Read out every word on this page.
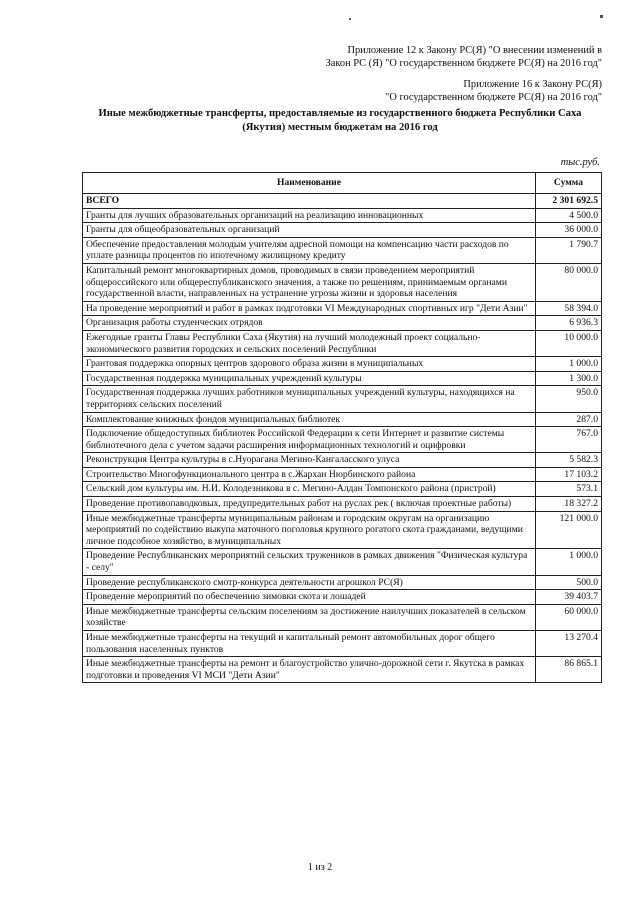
Приложение 12 к Закону РС(Я) "О внесении изменений в
Закон РС (Я) "О государственном бюджете РС(Я) на 2016 год"
Приложение 16 к Закону РС(Я)
"О государственном бюджете РС(Я) на 2016 год"
Иные межбюджетные трансферты, предоставляемые из государственного бюджета Республики Саха
(Якутия) местным бюджетам на 2016 год
тыс.руб.
Наименование	Сумма
ВСЕГО	2 301 692.5
Гранты для лучших образовательных организаций на реализацию инновационных	4 500.0
Гранты для общеобразовательных организаций	36 000.0
Обеспечение предоставления молодым учителям адресной помощи на компенсацию части расходов по уплате разницы процентов по ипотечному жилищному кредиту	1 790.7
Капитальный ремонт многоквартирных домов, проводимых в связи проведением мероприятий общероссийского или общереспубликанского значения, а также по решениям, принимаемым органами государственной власти, направленных на устранение угрозы жизни и здоровья населения	80 000.0
На проведение мероприятий и работ в рамках подготовки VI Международных спортивных игр "Дети Азии"	58 394.0
Организация работы студенческих отрядов	6 936.3
Ежегодные гранты Главы Республики Саха (Якутия) на лучший молодежный проект социально-экономического развития городских и сельских поселений Республики	10 000.0
Грантовая поддержка опорных центров здорового образа жизни в муниципальных	1 000.0
Государственная поддержка муниципальных учреждений культуры	1 300.0
Государственная поддержка лучших работников муниципальных учреждений культуры, находящихся на территориях сельских поселений	950.0
Комплектование книжных фондов муниципальных библиотек	287.0
Подключение общедоступных библиотек Российской Федерации к сети Интернет и развитие системы библиотечного дела с учетом задачи расширения информационных технологий и оцифровки	767.0
Реконструкция Центра культуры в с.Нуорагана Мегино-Кангаласского улуса	5 582.3
Строительство Многофункционального центра в с.Жархан Нюрбинского района	17 103.2
Сельский дом культуры им. Н.И. Колодезникова в с. Мегино-Алдан Томпонского района (пристрой)	573.1
Проведение противопаводковых, предупредительных работ на руслах рек ( включая проектные работы)	18 327.2
Иные межбюджетные трансферты муниципальным районам и городским округам на организацию мероприятий по содействию выкупа маточного поголовья крупного рогатого скота гражданами, ведущими личное подсобное хозяйство, в муниципальных	121 000.0
Проведение Республиканских мероприятий сельских тружеников в рамках движения "Физическая культура - селу"	1 000.0
Проведение республиканского смотр-конкурса деятельности агрошкол РС(Я)	500.0
Проведение мероприятий по обеспечению зимовки скота и лошадей	39 403.7
Иные межбюджетные трансферты сельским поселениям за достижение наилучших показателей в сельском хозяйстве	60 000.0
Иные межбюджетные трансферты на текущий и капитальный ремонт автомобильных дорог общего пользования населенных пунктов	13 270.4
Иные межбюджетные трансферты на ремонт и благоустройство улично-дорожной сети г. Якутска в рамках подготовки и проведения VI МСИ "Дети Азии"	86 865.1
1 из 2
